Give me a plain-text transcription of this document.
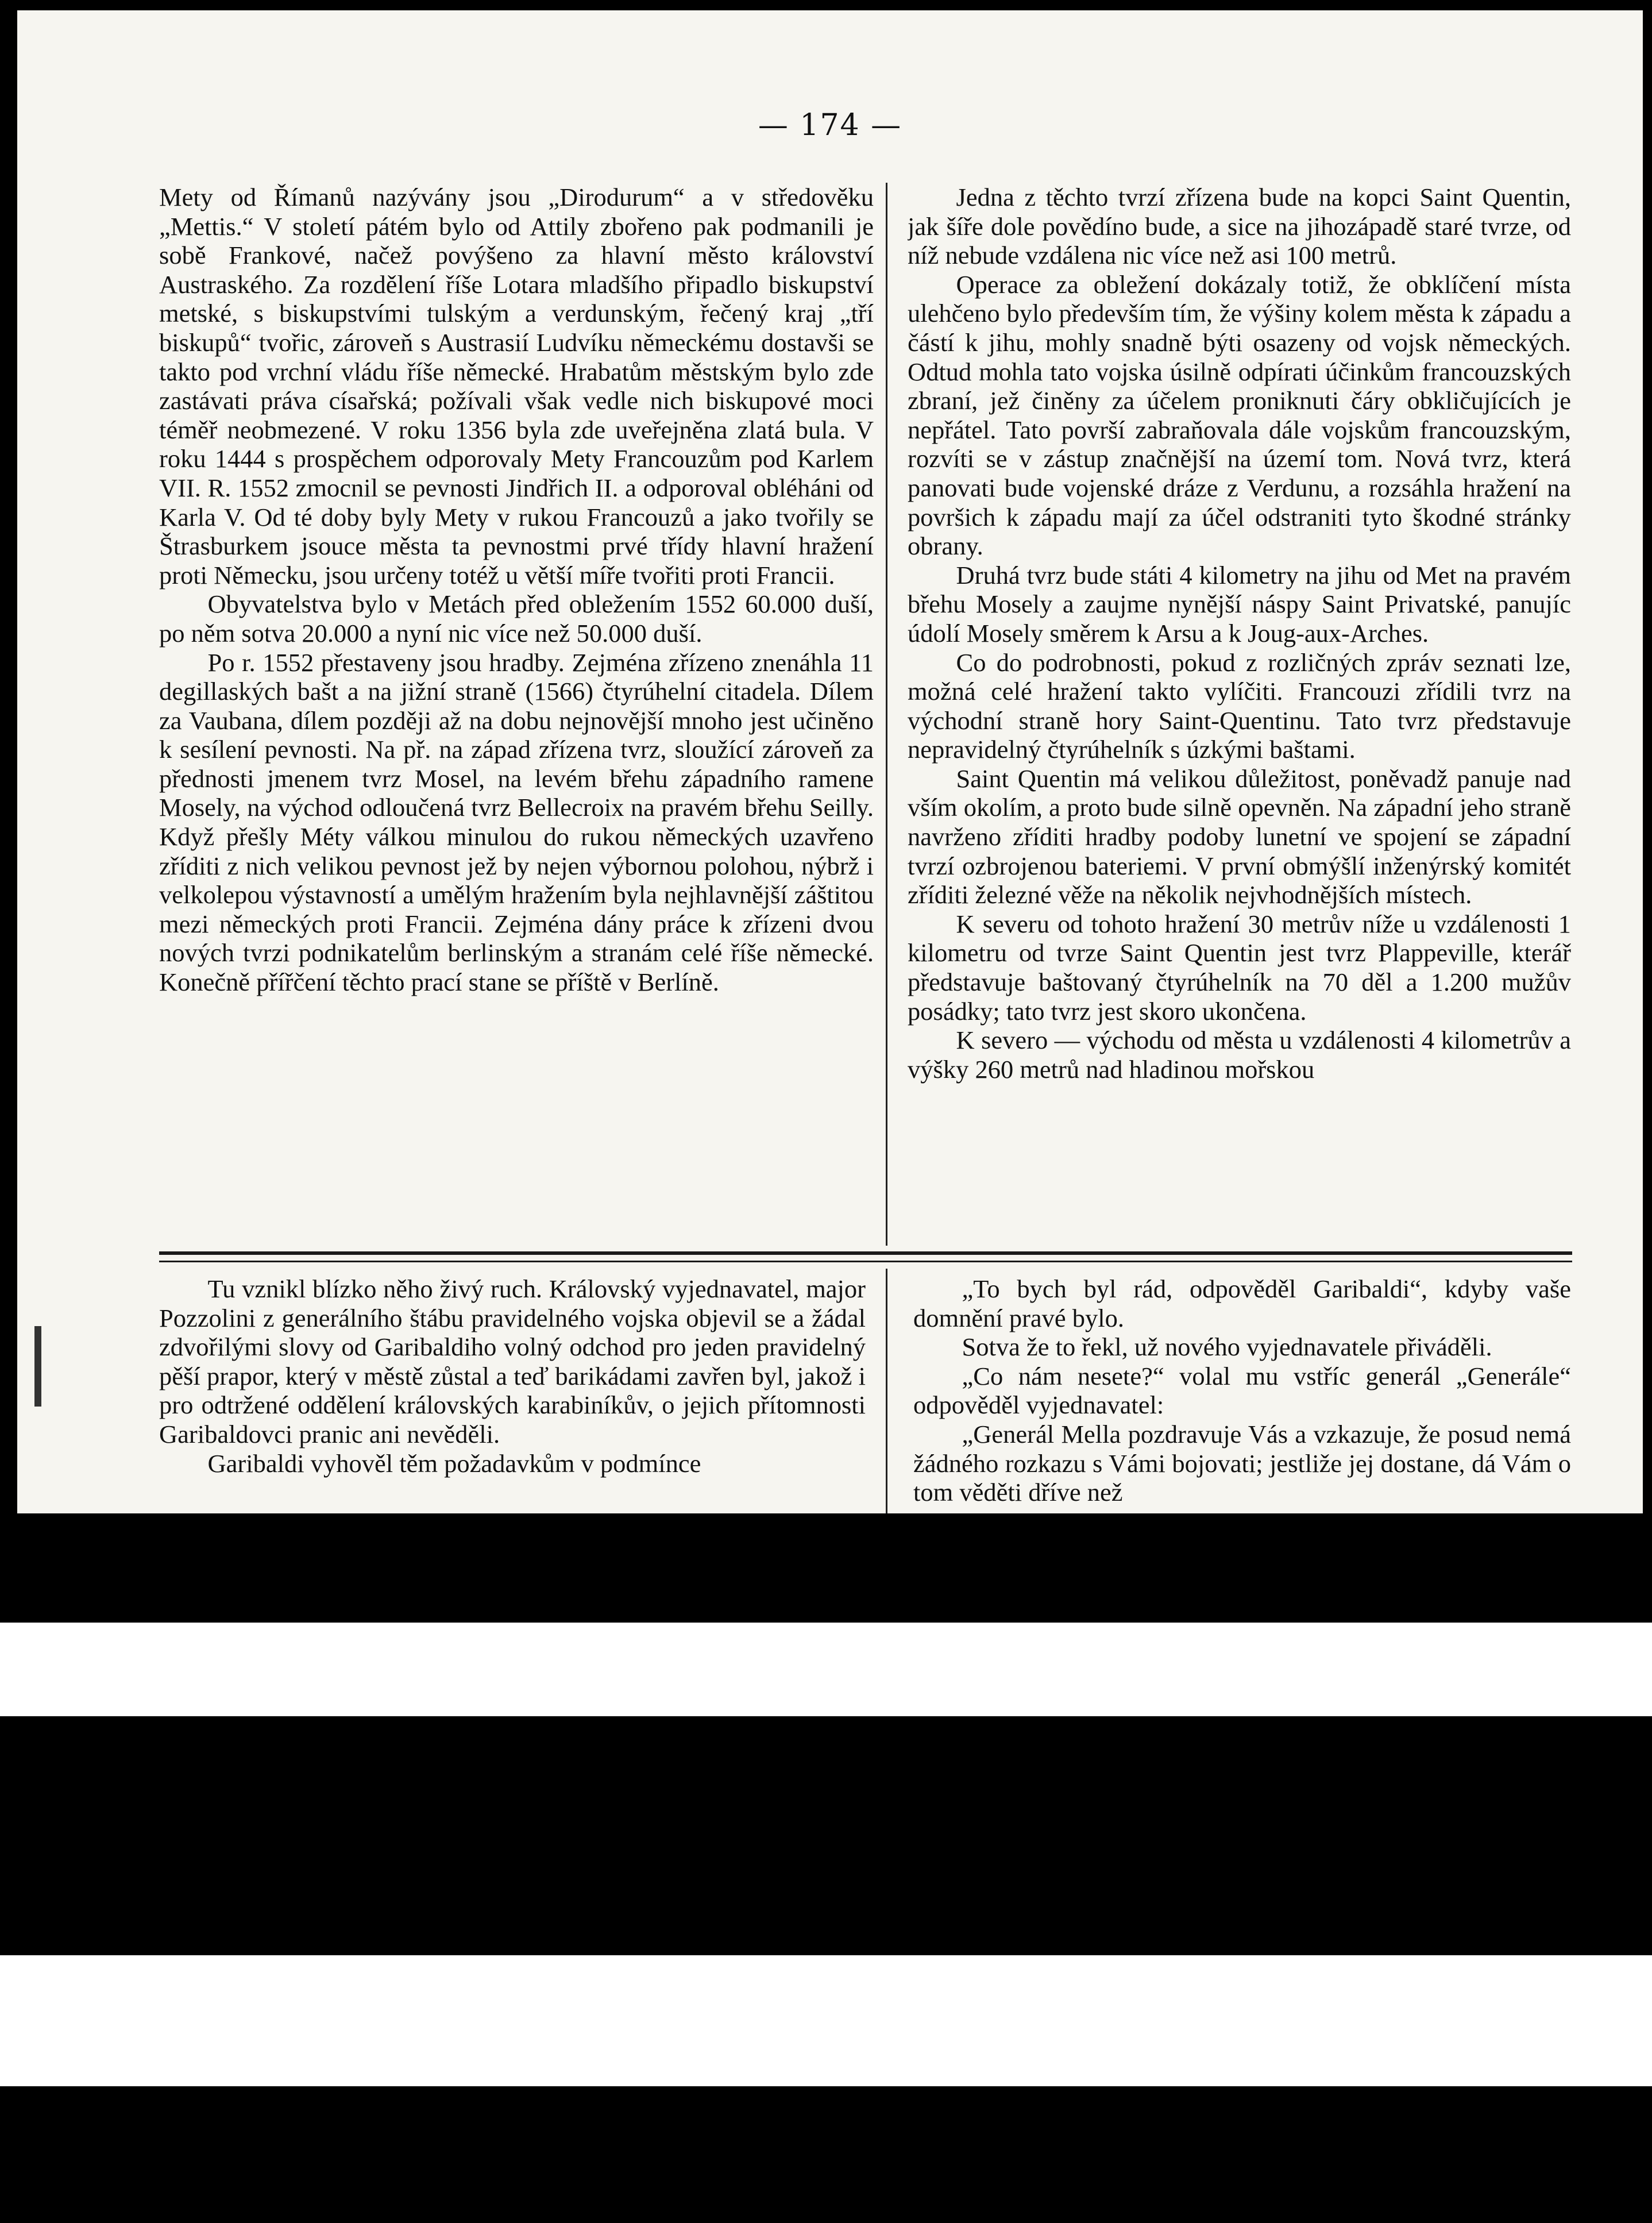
— 174 —

Mety od Římanů nazývány jsou „Dirodurum“ a v středověku „Mettis.“ V století pátém bylo od Attily zbořeno pak podmanili je sobě Frankové, načež povýšeno za hlavní město království Austraského. Za rozdělení říše Lotara mladšího připadlo biskupství metské, s biskupstvími tulským a verdunským, řečený kraj „tří biskupů“ tvořic, zároveň s Austrasií Ludvíku německému dostavši se takto pod vrchní vládu říše německé. Hrabatům městským bylo zde zastávati práva císařská; požívali však vedle nich biskupové moci téměř neobmezené. V roku 1356 byla zde uveřejněna zlatá bula. V roku 1444 s prospěchem odporovaly Mety Francouzům pod Karlem VII. R. 1552 zmocnil se pevnosti Jindřich II. a odporoval obléháni od Karla V. Od té doby byly Mety v rukou Francouzů a jako tvořily se Štrasburkem jsouce města ta pevnostmi prvé třídy hlavní hražení proti Německu, jsou určeny totéž u větší míře tvořiti proti Francii.

Obyvatelstva bylo v Metách před obležením 1552 60.000 duší, po něm sotva 20.000 a nyní nic více než 50.000 duší.

Po r. 1552 přestaveny jsou hradby. Zejména zřízeno znenáhla 11 degillaských bašt a na jižní straně (1566) čtyrúhelní citadela. Dílem za Vaubana, dílem později až na dobu nejnovější mnoho jest učiněno k sesílení pevnosti. Na př. na západ zřízena tvrz, sloužící zároveň za přednosti jmenem tvrz Mosel, na levém břehu západního ramene Mosely, na východ odloučená tvrz Bellecroix na pravém břehu Seilly. Když přešly Méty válkou minulou do rukou německých uzavřeno zříditi z nich velikou pevnost jež by nejen výbornou polohou, nýbrž i velkolepou výstavností a umělým hražením byla nejhlavnější záštitou mezi německých proti Francii. Zejména dány práce k zřízeni dvou nových tvrzi podnikatelům berlinským a stranám celé říše německé. Konečně přířčení těchto prací stane se příště v Berlíně.

Jedna z těchto tvrzí zřízena bude na kopci Saint Quentin, jak šíře dole povědíno bude, a sice na jihozápadě staré tvrze, od níž nebude vzdálena nic více než asi 100 metrů.

Operace za obležení dokázaly totiž, že obklíčení místa ulehčeno bylo především tím, že výšiny kolem města k západu a částí k jihu, mohly snadně býti osazeny od vojsk německých. Odtud mohla tato vojska úsilně odpírati účinkům francouzských zbraní, jež činěny za účelem proniknuti čáry obkličujících je nepřátel. Tato površí zabraňovala dále vojskům francouzským, rozvíti se v zástup značnější na území tom. Nová tvrz, která panovati bude vojenské dráze z Verdunu, a rozsáhla hražení na površich k západu mají za účel odstraniti tyto škodné stránky obrany.

Druhá tvrz bude státi 4 kilometry na jihu od Met na pravém břehu Mosely a zaujme nynější náspy Saint Privatské, panujíc údolí Mosely směrem k Arsu a k Joug-aux-Arches.

Co do podrobnosti, pokud z rozličných zpráv seznati lze, možná celé hražení takto vylíčiti. Francouzi zřídili tvrz na východní straně hory Saint-Quentinu. Tato tvrz představuje nepravidelný čtyrúhelník s úzkými baštami.

Saint Quentin má velikou důležitost, poněvadž panuje nad vším okolím, a proto bude silně opevněn. Na západní jeho straně navrženo zříditi hradby podoby lunetní ve spojení se západní tvrzí ozbrojenou bateriemi. V první obmýšlí inženýrský komitét zříditi železné věže na několik nejvhodnějších místech.

K severu od tohoto hražení 30 metrův níže u vzdálenosti 1 kilometru od tvrze Saint Quentin jest tvrz Plappeville, kterář představuje baštovaný čtyrúhelník na 70 děl a 1.200 mužův posádky; tato tvrz jest skoro ukončena.

K severo — východu od města u vzdálenosti 4 kilometrův a výšky 260 metrů nad hladinou mořskou

Tu vznikl blízko něho živý ruch. Královský vyjednavatel, major Pozzolini z generálního štábu pravidelného vojska objevil se a žádal zdvořilými slovy od Garibaldiho volný odchod pro jeden pravidelný pěší prapor, který v městě zůstal a teď barikádami zavřen byl, jakož i pro odtržené oddělení královských karabiníkův, o jejich přítomnosti Garibaldovci pranic ani nevěděli.

Garibaldi vyhověl těm požadavkům v podmínce

„To bych byl rád, odpověděl Garibaldi“, kdyby vaše domnění pravé bylo.

Sotva že to řekl, už nového vyjednavatele přiváděli.

„Co nám nesete?“ volal mu vstříc generál „Generále“ odpověděl vyjednavatel:

„Generál Mella pozdravuje Vás a vzkazuje, že posud nemá žádného rozkazu s Vámi bojovati; jestliže jej dostane, dá Vám o tom věděti dříve než
